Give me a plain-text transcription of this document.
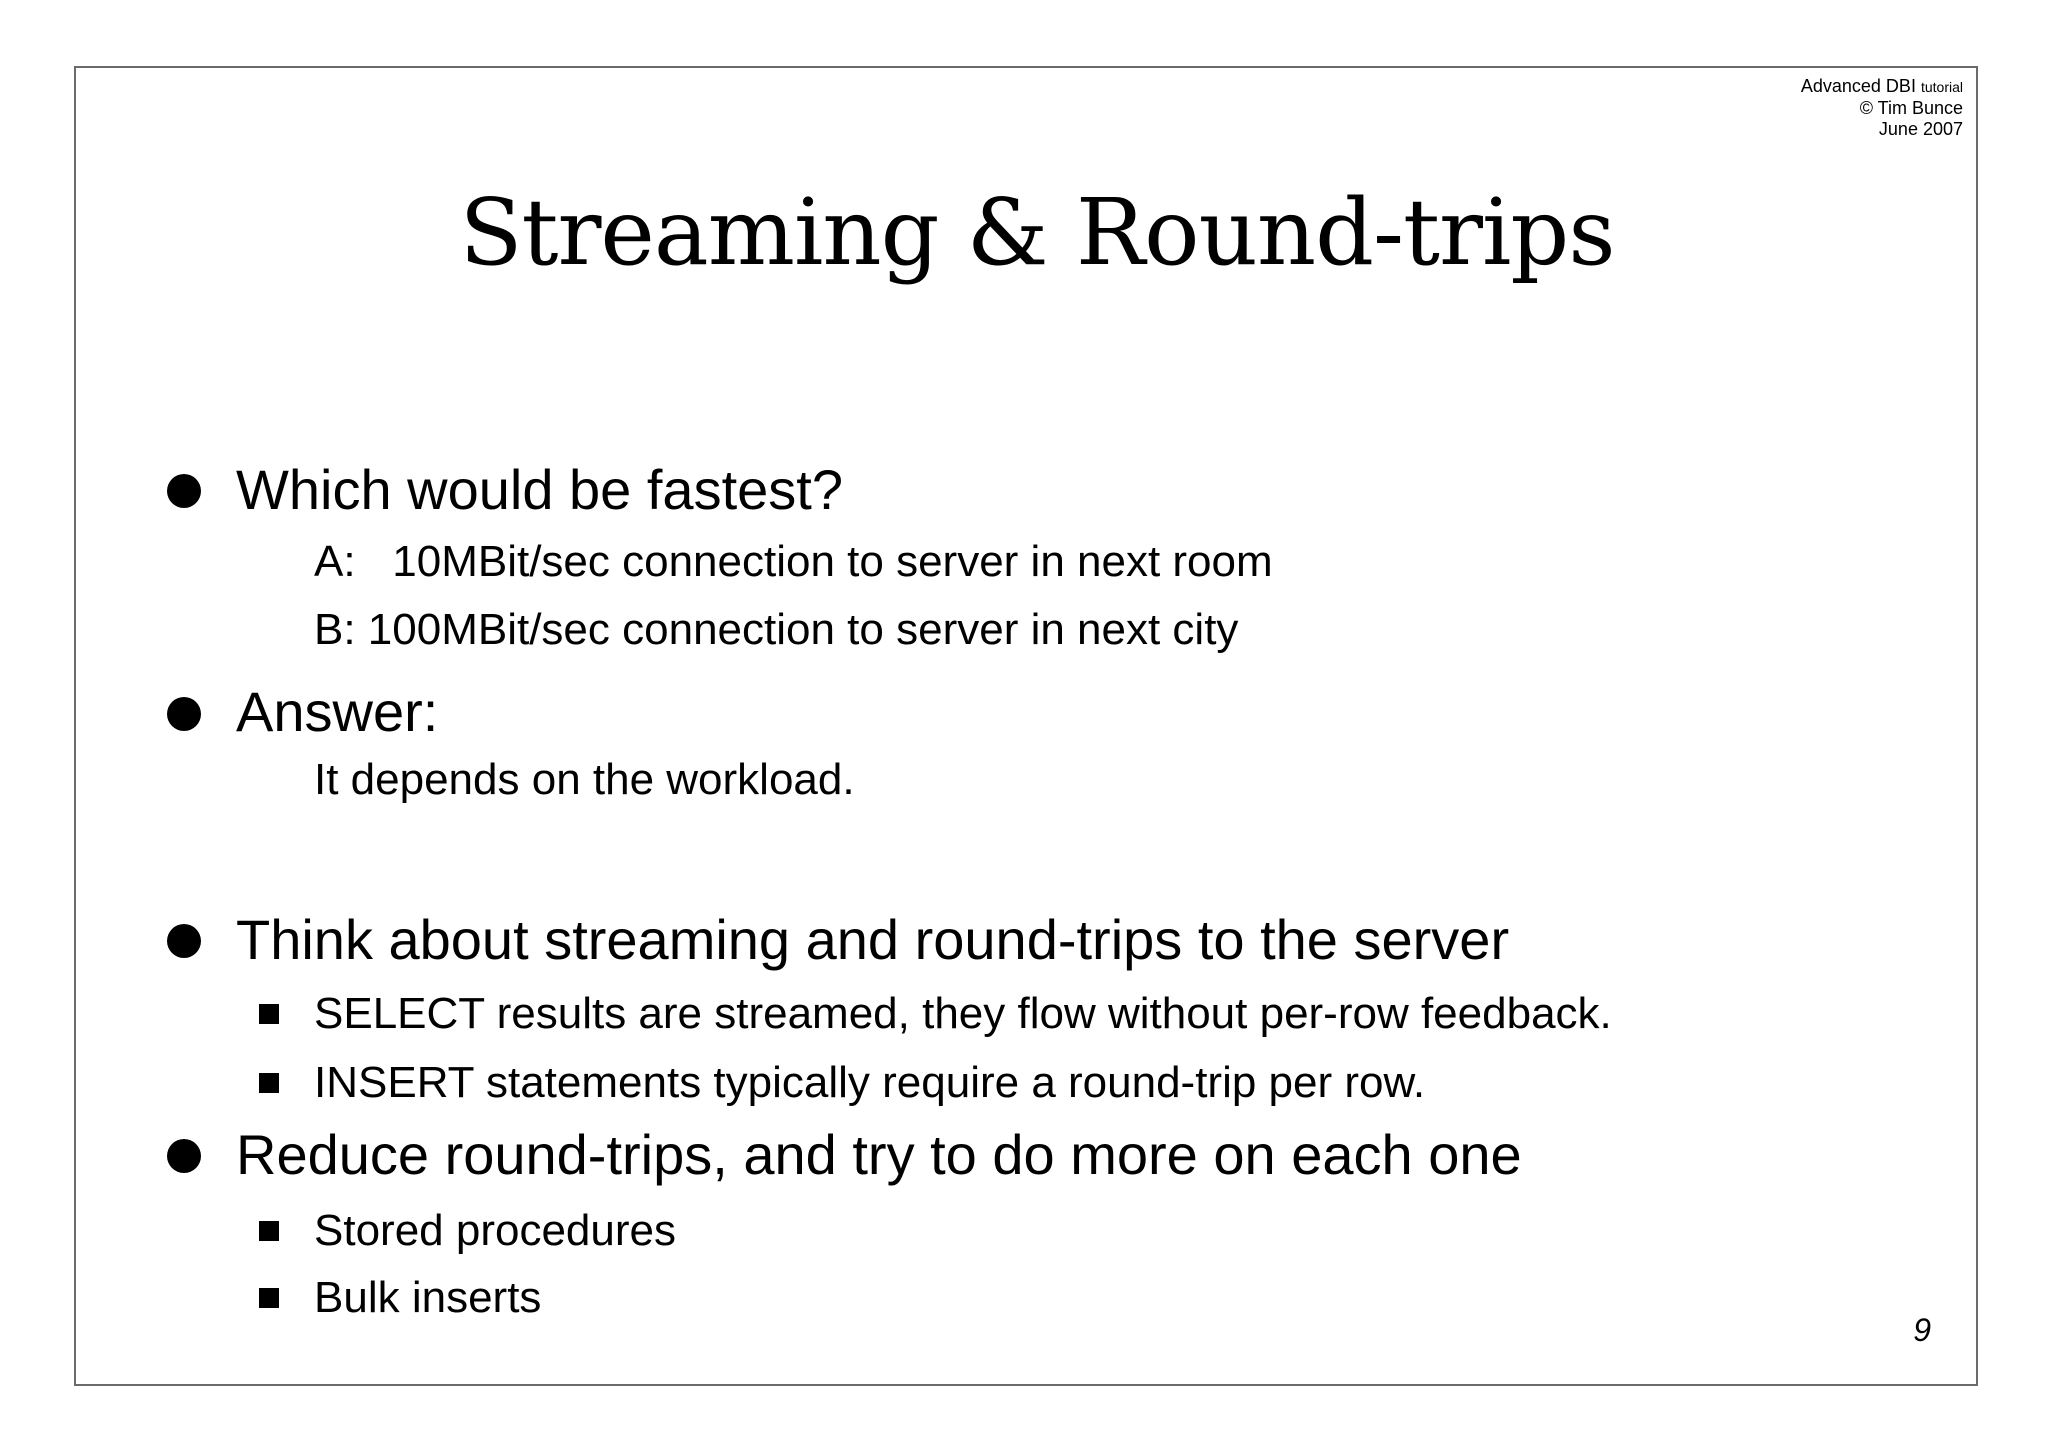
Advanced DBI tutorial
© Tim Bunce
June 2007
Streaming & Round-trips
Which would be fastest?
A:   10MBit/sec connection to server in next room
B: 100MBit/sec connection to server in next city
Answer:
It depends on the workload.
Think about streaming and round-trips to the server
SELECT results are streamed, they flow without per-row feedback.
INSERT statements typically require a round-trip per row.
Reduce round-trips, and try to do more on each one
Stored procedures
Bulk inserts
9
